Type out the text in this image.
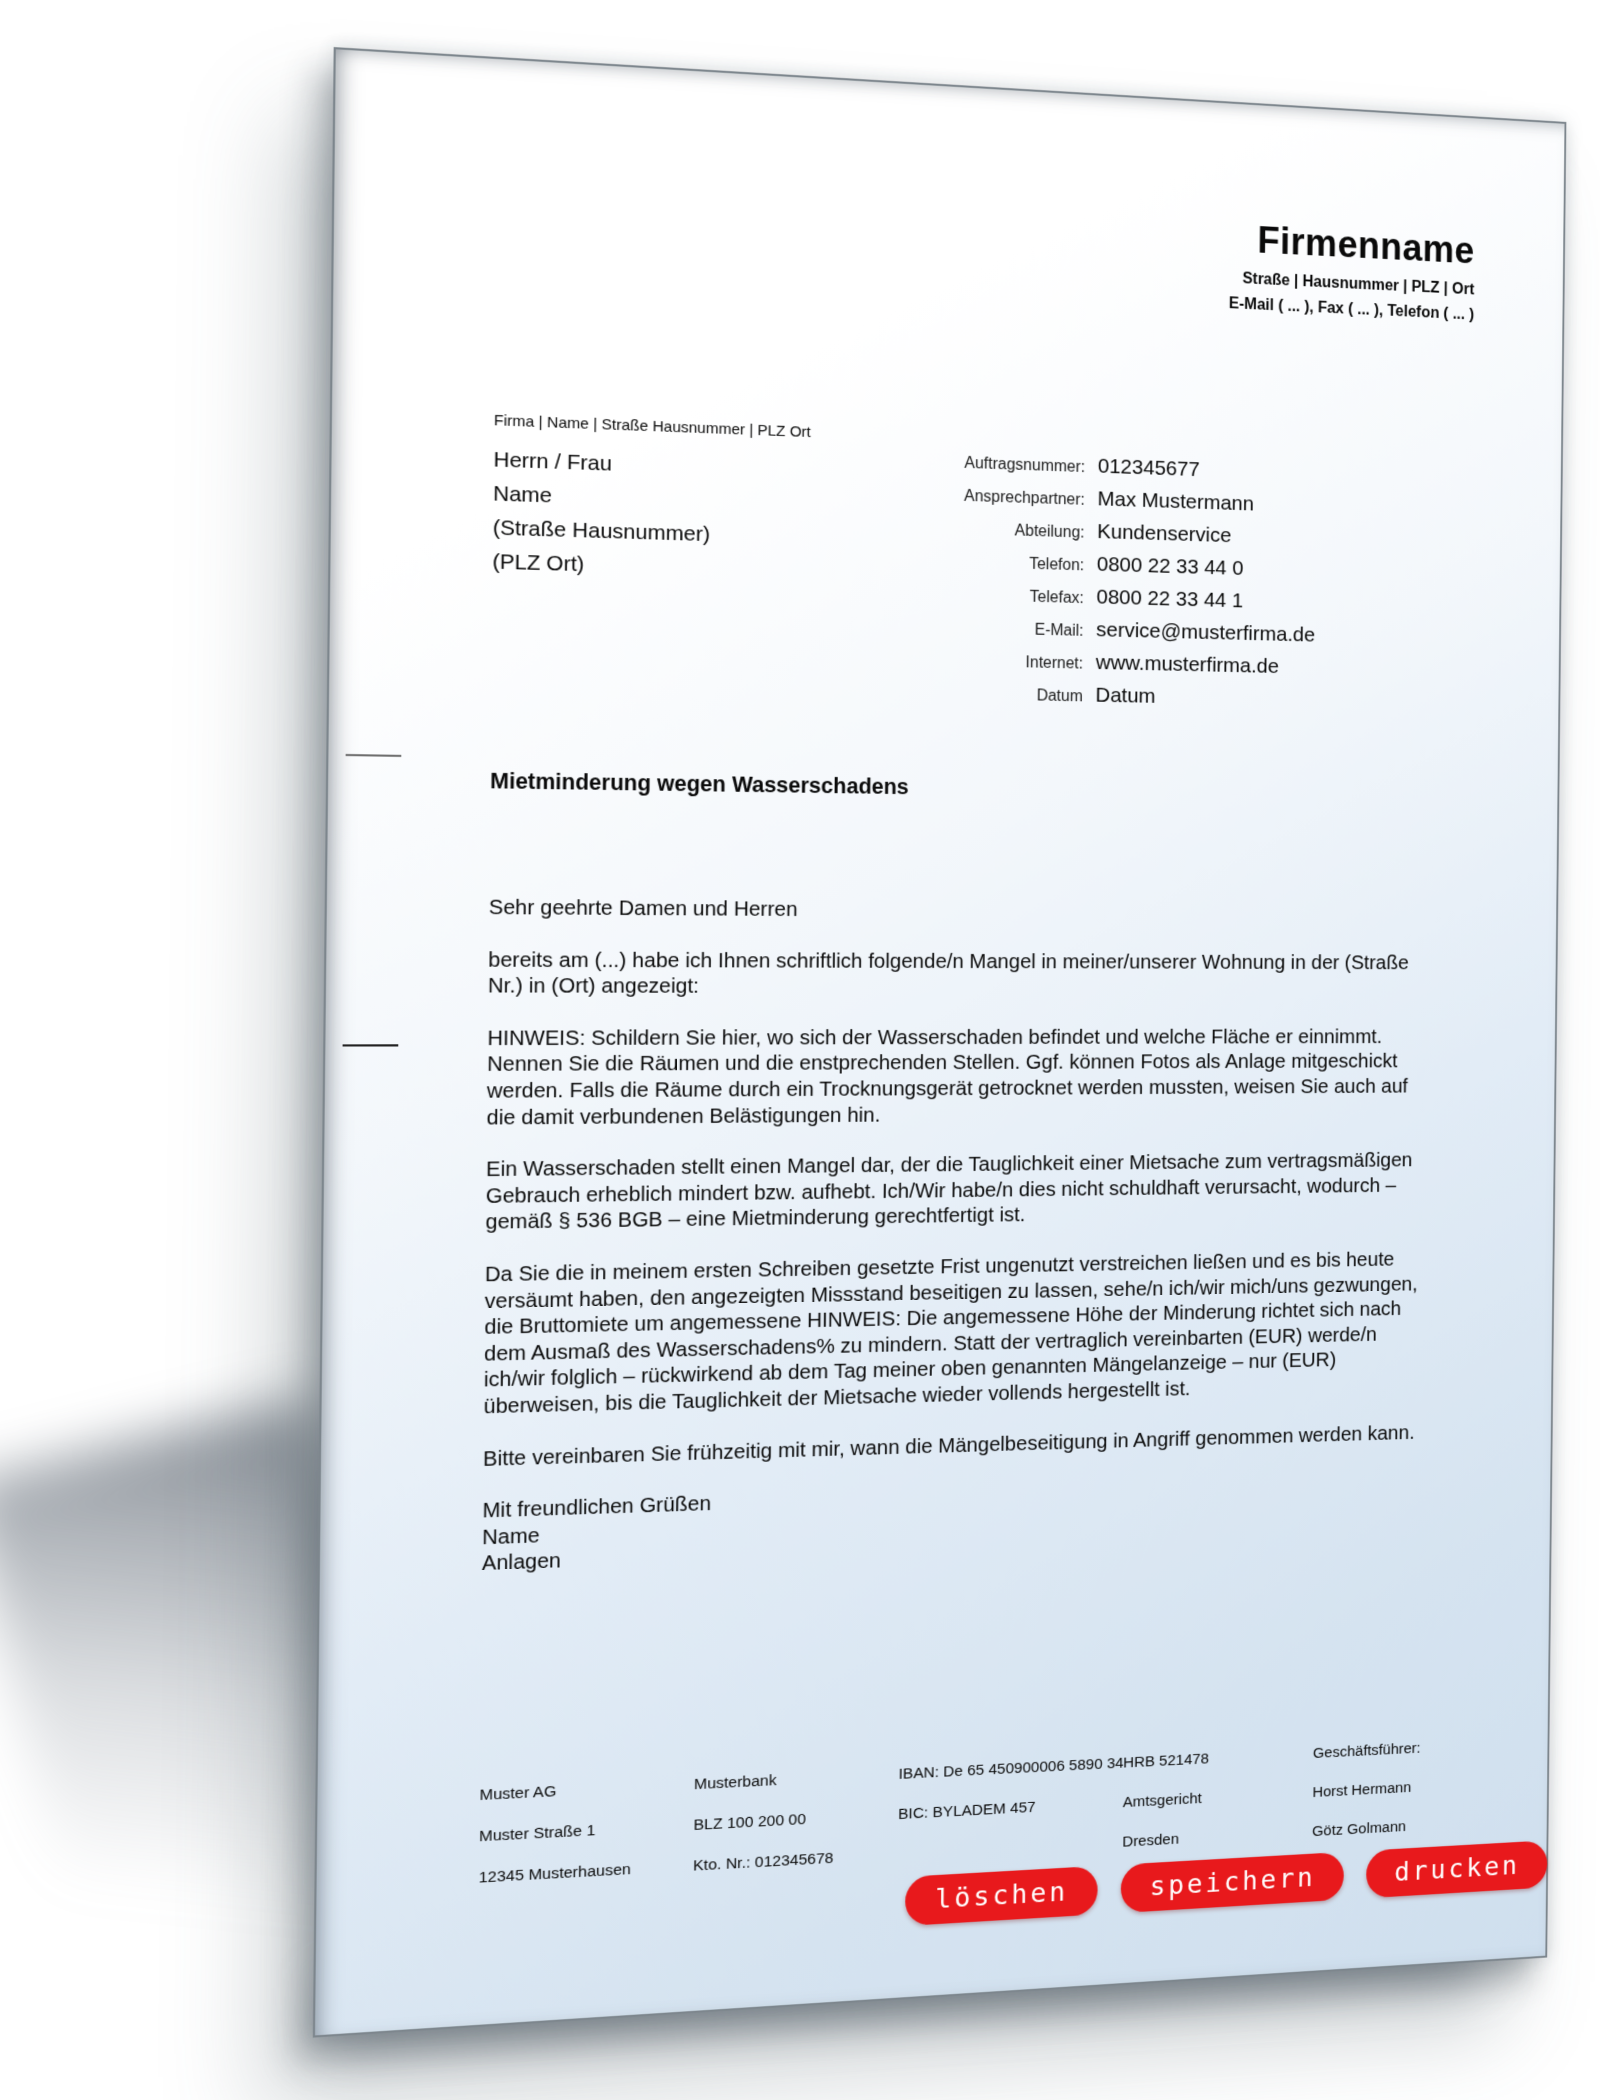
Firmenname
Straße | Hausnummer | PLZ | Ort
E-Mail ( ... ), Fax ( ... ), Telefon ( ... )
Firma | Name | Straße Hausnummer | PLZ Ort
Herrn / Frau
Name
(Straße Hausnummer)
(PLZ Ort)
Auftragsnummer: 012345677
Ansprechpartner: Max Mustermann
Abteilung: Kundenservice
Telefon: 0800 22 33 44 0
Telefax: 0800 22 33 44 1
E-Mail: service@musterfirma.de
Internet: www.musterfirma.de
Datum Datum
Mietminderung wegen Wasserschadens

Sehr geehrte Damen und Herren

bereits am (...) habe ich Ihnen schriftlich folgende/n Mangel in meiner/unserer Wohnung in der (Straße Nr.) in (Ort) angezeigt:

HINWEIS: Schildern Sie hier, wo sich der Wasserschaden befindet und welche Fläche er einnimmt. Nennen Sie die Räumen und die enstprechenden Stellen. Ggf. können Fotos als Anlage mitgeschickt werden. Falls die Räume durch ein Trocknungsgerät getrocknet werden mussten, weisen Sie auch auf die damit verbundenen Belästigungen hin.

Ein Wasserschaden stellt einen Mangel dar, der die Tauglichkeit einer Mietsache zum vertragsmäßigen Gebrauch erheblich mindert bzw. aufhebt. Ich/Wir habe/n dies nicht schuldhaft verursacht, wodurch – gemäß § 536 BGB – eine Mietminderung gerechtfertigt ist.

Da Sie die in meinem ersten Schreiben gesetzte Frist ungenutzt verstreichen ließen und es bis heute versäumt haben, den angezeigten Missstand beseitigen zu lassen, sehe/n ich/wir mich/uns gezwungen, die Bruttomiete um angemessene HINWEIS: Die angemessene Höhe der Minderung richtet sich nach dem Ausmaß des Wasserschadens% zu mindern. Statt der vertraglich vereinbarten (EUR) werde/n ich/wir folglich – rückwirkend ab dem Tag meiner oben genannten Mängelanzeige – nur (EUR) überweisen, bis die Tauglichkeit der Mietsache wieder vollends hergestellt ist.

Bitte vereinbaren Sie frühzeitig mit mir, wann die Mängelbeseitigung in Angriff genommen werden kann.

Mit freundlichen Grüßen

Name

Anlagen

Muster AG
Muster Straße 1
12345 Musterhausen
Musterbank
BLZ 100 200 00
Kto. Nr.: 012345678
IBAN: De 65 450900006 5890 34
BIC: BYLADEM 457
HRB 521478
Amtsgericht
Dresden
Geschäftsführer:
Horst Hermann
Götz Golmann
löschen	speichern	drucken
